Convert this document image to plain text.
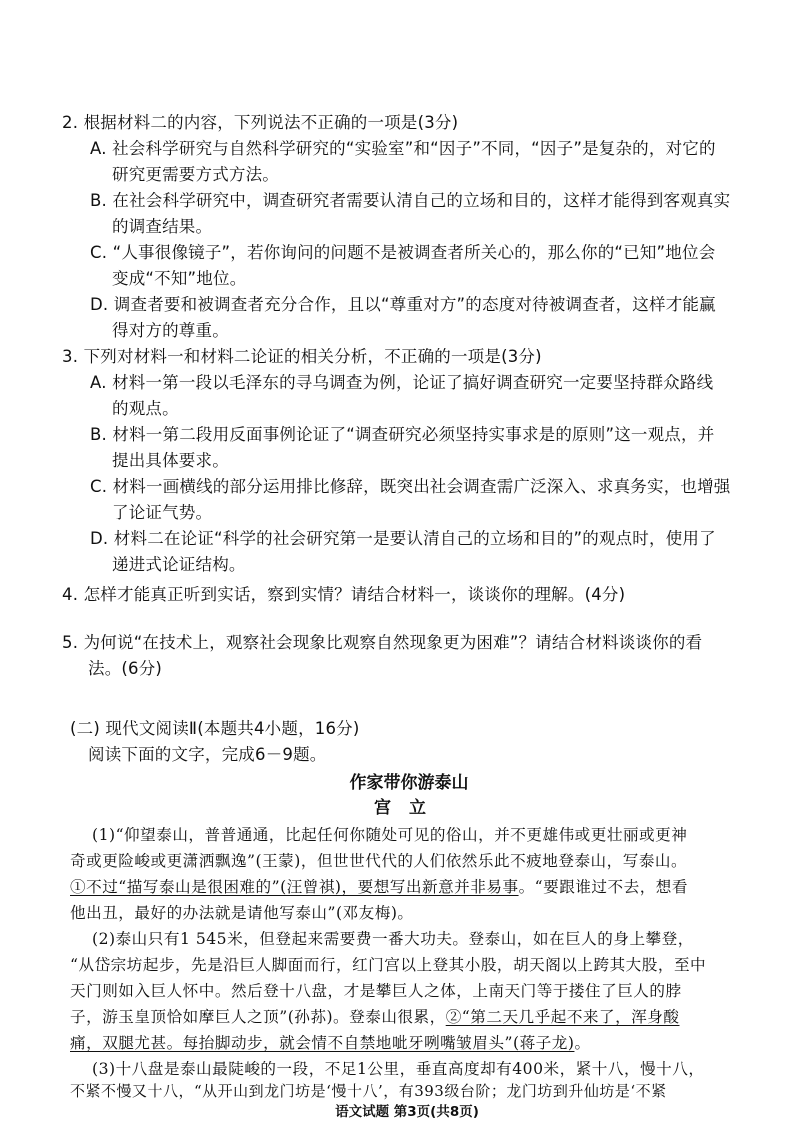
2. 根据材料二的内容，下列说法不正确的一项是(3分)
A. 社会科学研究与自然科学研究的“实验室”和“因子”不同，“因子”是复杂的，对它的
研究更需要方式方法。
B. 在社会科学研究中，调查研究者需要认清自己的立场和目的，这样才能得到客观真实
的调查结果。
C. “人事很像镜子”，若你询问的问题不是被调查者所关心的，那么你的“已知”地位会
变成“不知”地位。
D. 调查者要和被调查者充分合作，且以“尊重对方”的态度对待被调查者，这样才能赢
得对方的尊重。
3. 下列对材料一和材料二论证的相关分析，不正确的一项是(3分)
A. 材料一第一段以毛泽东的寻乌调查为例，论证了搞好调查研究一定要坚持群众路线
的观点。
B. 材料一第二段用反面事例论证了“调查研究必须坚持实事求是的原则”这一观点，并
提出具体要求。
C. 材料一画横线的部分运用排比修辞，既突出社会调查需广泛深入、求真务实，也增强
了论证气势。
D. 材料二在论证“科学的社会研究第一是要认清自己的立场和目的”的观点时，使用了
递进式论证结构。
4. 怎样才能真正听到实话，察到实情？请结合材料一，谈谈你的理解。(4分)
5. 为何说“在技术上，观察社会现象比观察自然现象更为困难”？请结合材料谈谈你的看
法。(6分)
(二) 现代文阅读Ⅱ(本题共4小题，16分)
阅读下面的文字，完成6－9题。
作家带你游泰山
宫立
(1)“仰望泰山，普普通通，比起任何你随处可见的俗山，并不更雄伟或更壮丽或更神
奇或更险峻或更潇洒飘逸”(王蒙)，但世世代代的人们依然乐此不疲地登泰山，写泰山。
①不过“描写泰山是很困难的”(汪曾祺)，要想写出新意并非易事。“要跟谁过不去，想看
他出丑，最好的办法就是请他写泰山”(邓友梅)。
(2)泰山只有1 545米，但登起来需要费一番大功夫。登泰山，如在巨人的身上攀登，
“从岱宗坊起步，先是沿巨人脚面而行，红门宫以上登其小股，胡天阁以上跨其大股，至中
天门则如入巨人怀中。然后登十八盘，才是攀巨人之体，上南天门等于搂住了巨人的脖
子，游玉皇顶恰如摩巨人之顶”(孙荪)。登泰山很累，②“第二天几乎起不来了，浑身酸
痛，双腿尤甚。每抬脚动步，就会情不自禁地呲牙咧嘴皱眉头”(蒋子龙)。
(3)十八盘是泰山最陡峻的一段，不足1公里，垂直高度却有400米，紧十八，慢十八，
不紧不慢又十八，“从开山到龙门坊是‘慢十八’，有393级台阶；龙门坊到升仙坊是‘不紧
语文试题 第3页(共8页)
